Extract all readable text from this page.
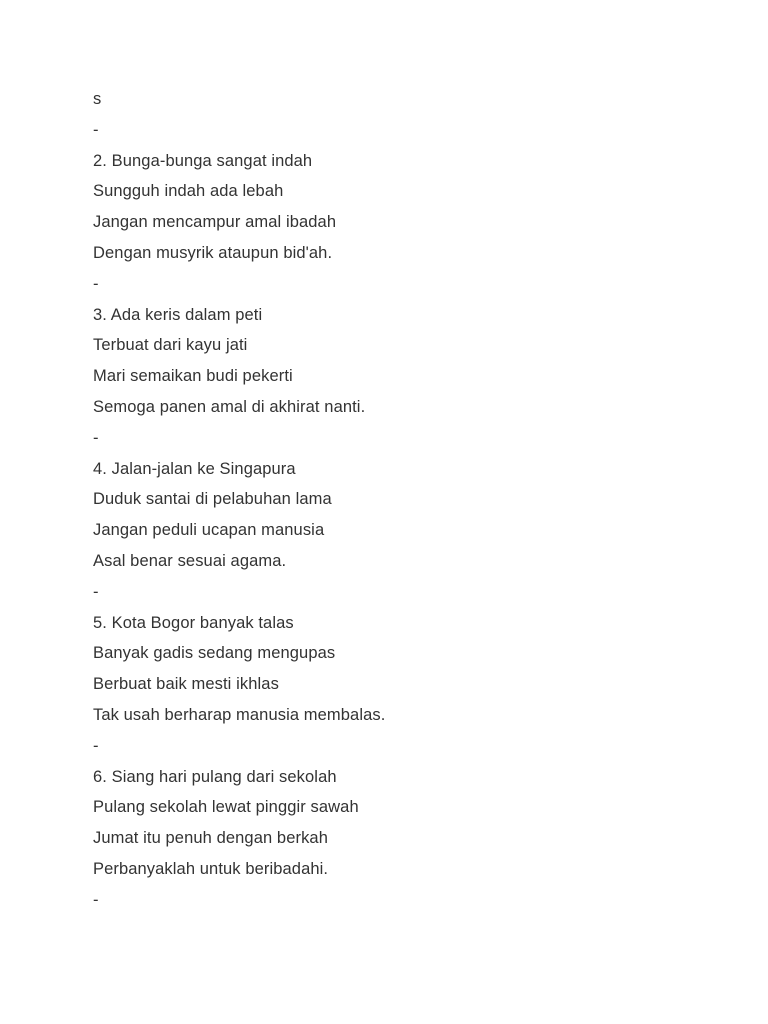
s
-
2. Bunga-bunga sangat indah
Sungguh indah ada lebah
Jangan mencampur amal ibadah
Dengan musyrik ataupun bid'ah.
-
3. Ada keris dalam peti
Terbuat dari kayu jati
Mari semaikan budi pekerti
Semoga panen amal di akhirat nanti.
-
4. Jalan-jalan ke Singapura
Duduk santai di pelabuhan lama
Jangan peduli ucapan manusia
Asal benar sesuai agama.
-
5. Kota Bogor banyak talas
Banyak gadis sedang mengupas
Berbuat baik mesti ikhlas
Tak usah berharap manusia membalas.
-
6. Siang hari pulang dari sekolah
Pulang sekolah lewat pinggir sawah
Jumat itu penuh dengan berkah
Perbanyaklah untuk beribadahi.
-
